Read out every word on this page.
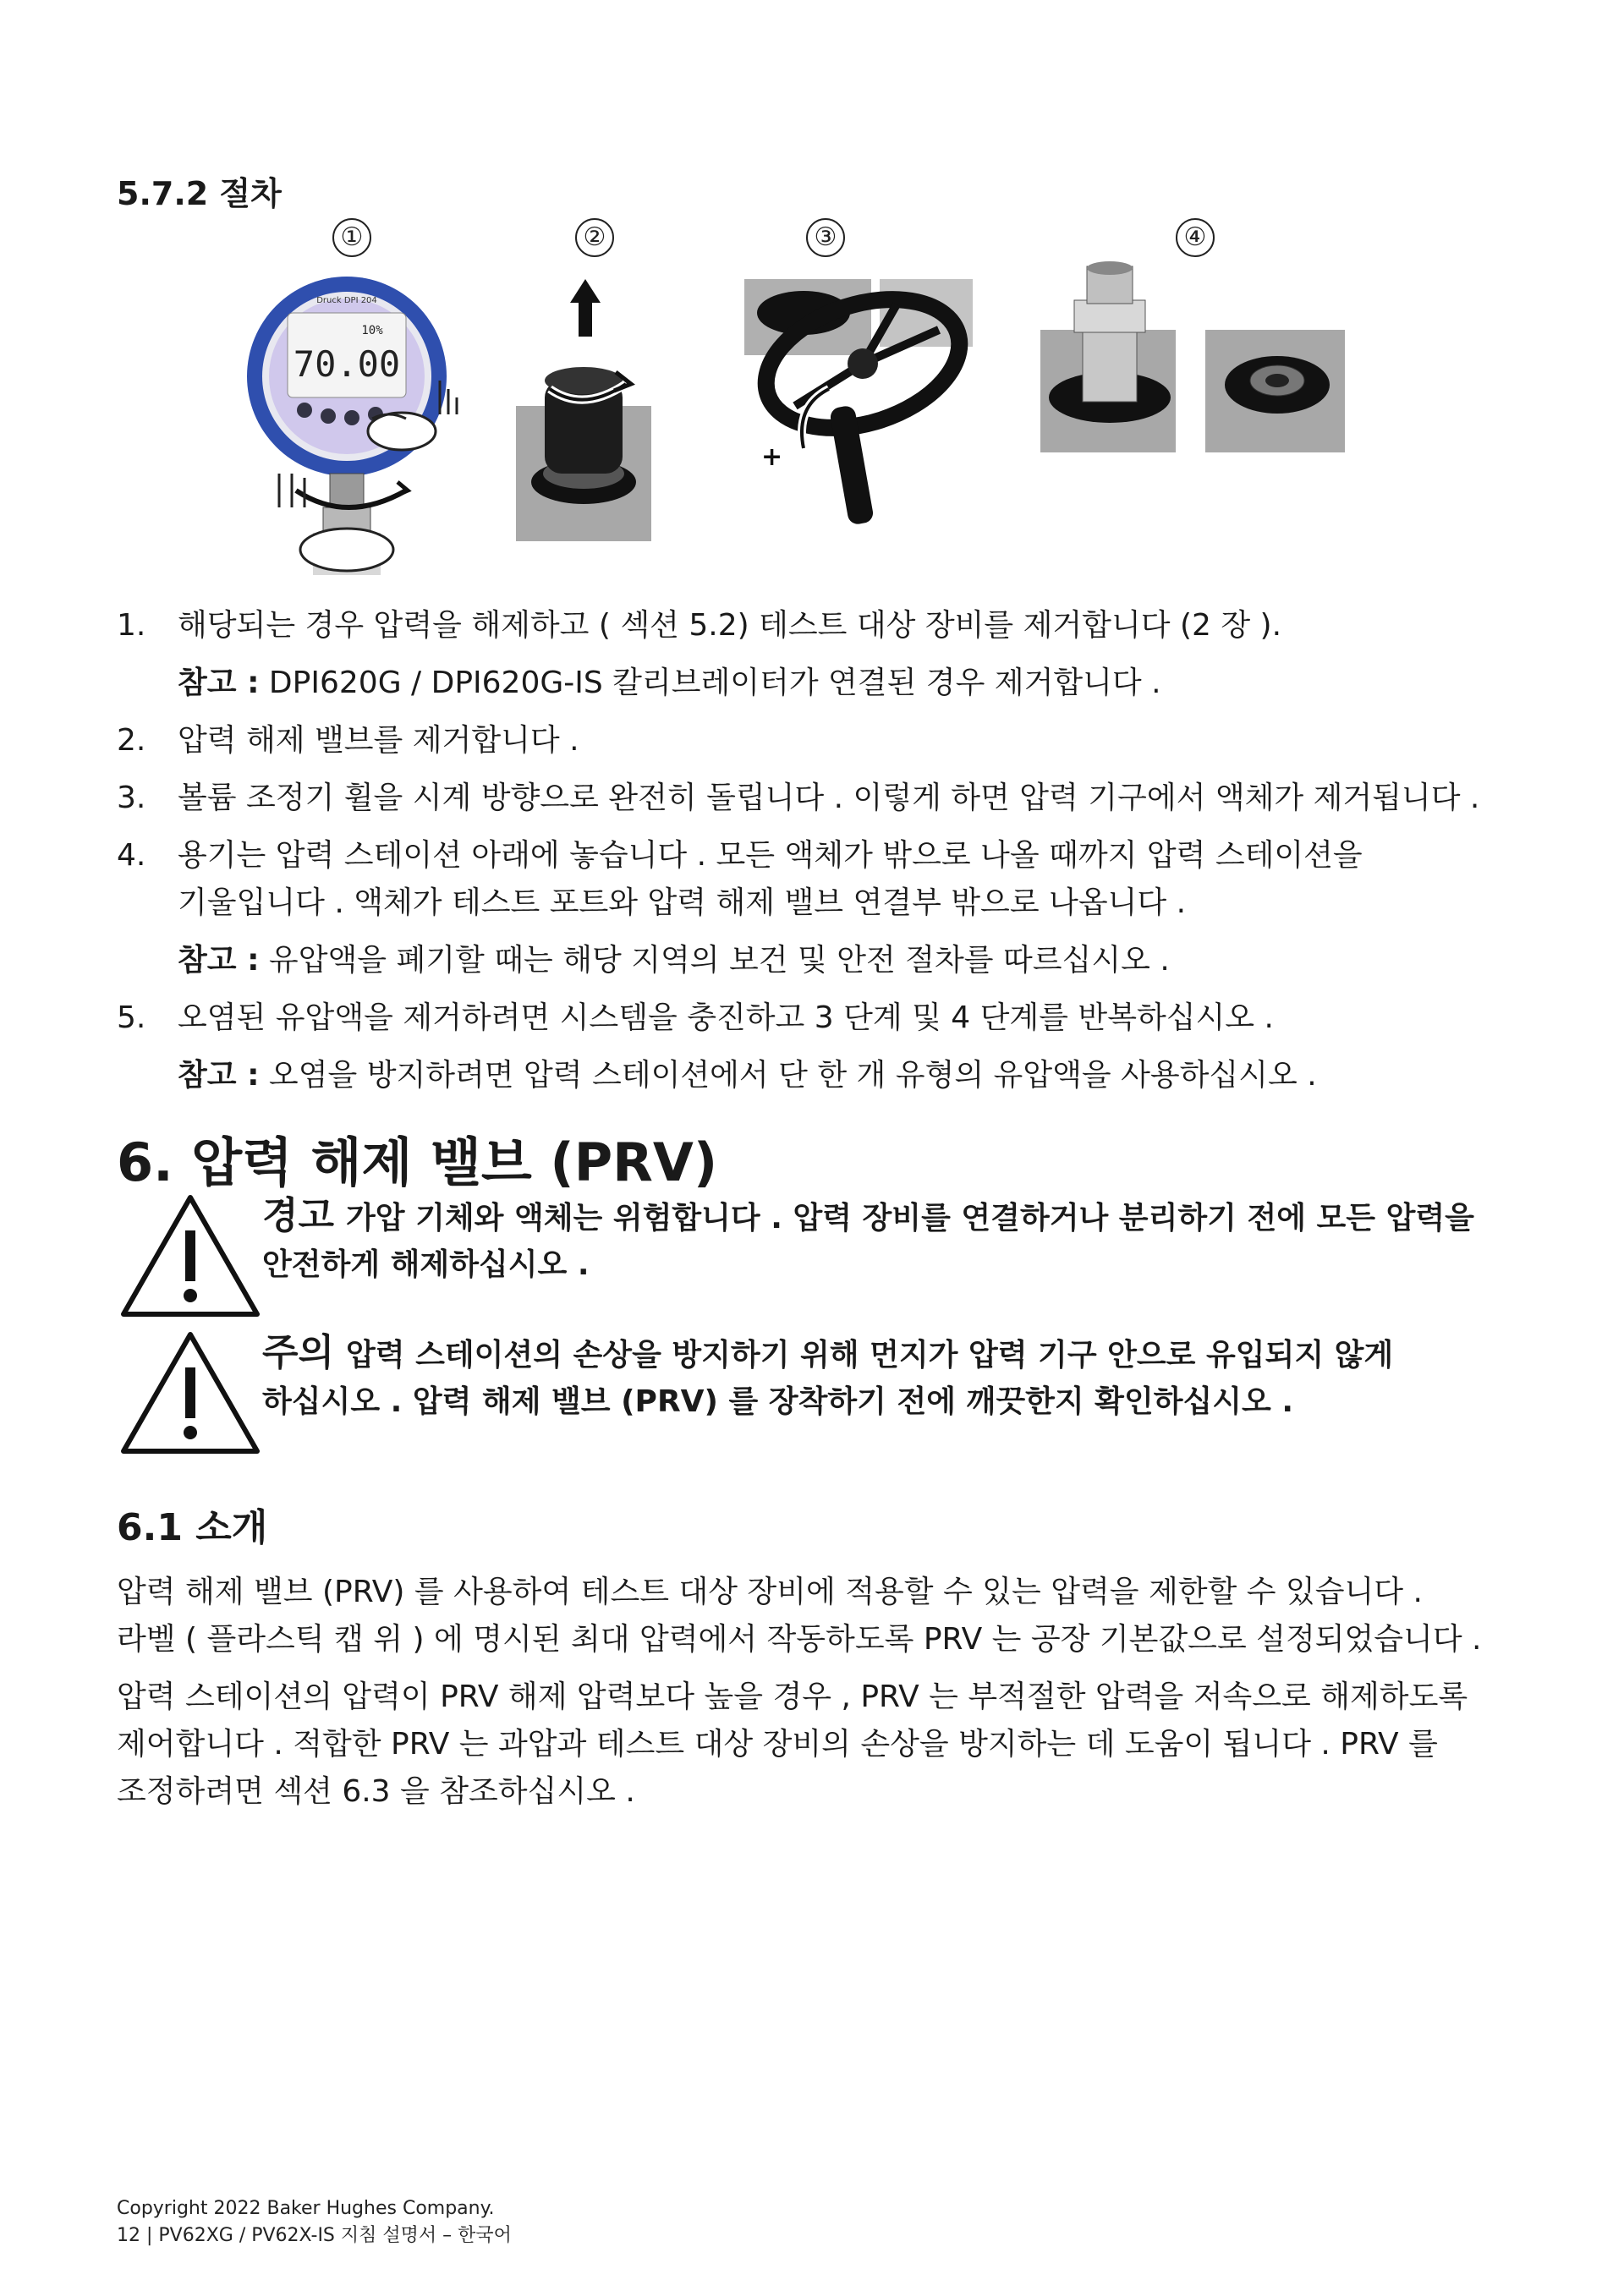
5.7.2 절차
①	②	③	④
Druck DPI 204
10%
70.00
+
1. 해당되는 경우 압력을 해제하고 ( 섹션 5.2) 테스트 대상 장비를 제거합니다 (2 장 ).
참고 : DPI620G / DPI620G-IS 칼리브레이터가 연결된 경우 제거합니다 .
2. 압력 해제 밸브를 제거합니다 .
3. 볼륨 조정기 휠을 시계 방향으로 완전히 돌립니다 . 이렇게 하면 압력 기구에서 액체가 제거됩니다 .
4. 용기는 압력 스테이션 아래에 놓습니다 . 모든 액체가 밖으로 나올 때까지 압력 스테이션을
기울입니다 . 액체가 테스트 포트와 압력 해제 밸브 연결부 밖으로 나옵니다 .
참고 : 유압액을 폐기할 때는 해당 지역의 보건 및 안전 절차를 따르십시오 .
5. 오염된 유압액을 제거하려면 시스템을 충진하고 3 단계 및 4 단계를 반복하십시오 .
참고 : 오염을 방지하려면 압력 스테이션에서 단 한 개 유형의 유압액을 사용하십시오 .
6. 압력 해제 밸브 (PRV)
경고 가압 기체와 액체는 위험합니다 . 압력 장비를 연결하거나 분리하기 전에 모든 압력을
안전하게 해제하십시오 .
주의 압력 스테이션의 손상을 방지하기 위해 먼지가 압력 기구 안으로 유입되지 않게
하십시오 . 압력 해제 밸브 (PRV) 를 장착하기 전에 깨끗한지 확인하십시오 .
6.1 소개
압력 해제 밸브 (PRV) 를 사용하여 테스트 대상 장비에 적용할 수 있는 압력을 제한할 수 있습니다 .
라벨 ( 플라스틱 캡 위 ) 에 명시된 최대 압력에서 작동하도록 PRV 는 공장 기본값으로 설정되었습니다 .
압력 스테이션의 압력이 PRV 해제 압력보다 높을 경우 , PRV 는 부적절한 압력을 저속으로 해제하도록
제어합니다 . 적합한 PRV 는 과압과 테스트 대상 장비의 손상을 방지하는 데 도움이 됩니다 . PRV 를
조정하려면 섹션 6.3 을 참조하십시오 .
Copyright 2022 Baker Hughes Company.
12 | PV62XG / PV62X-IS 지침 설명서 – 한국어
